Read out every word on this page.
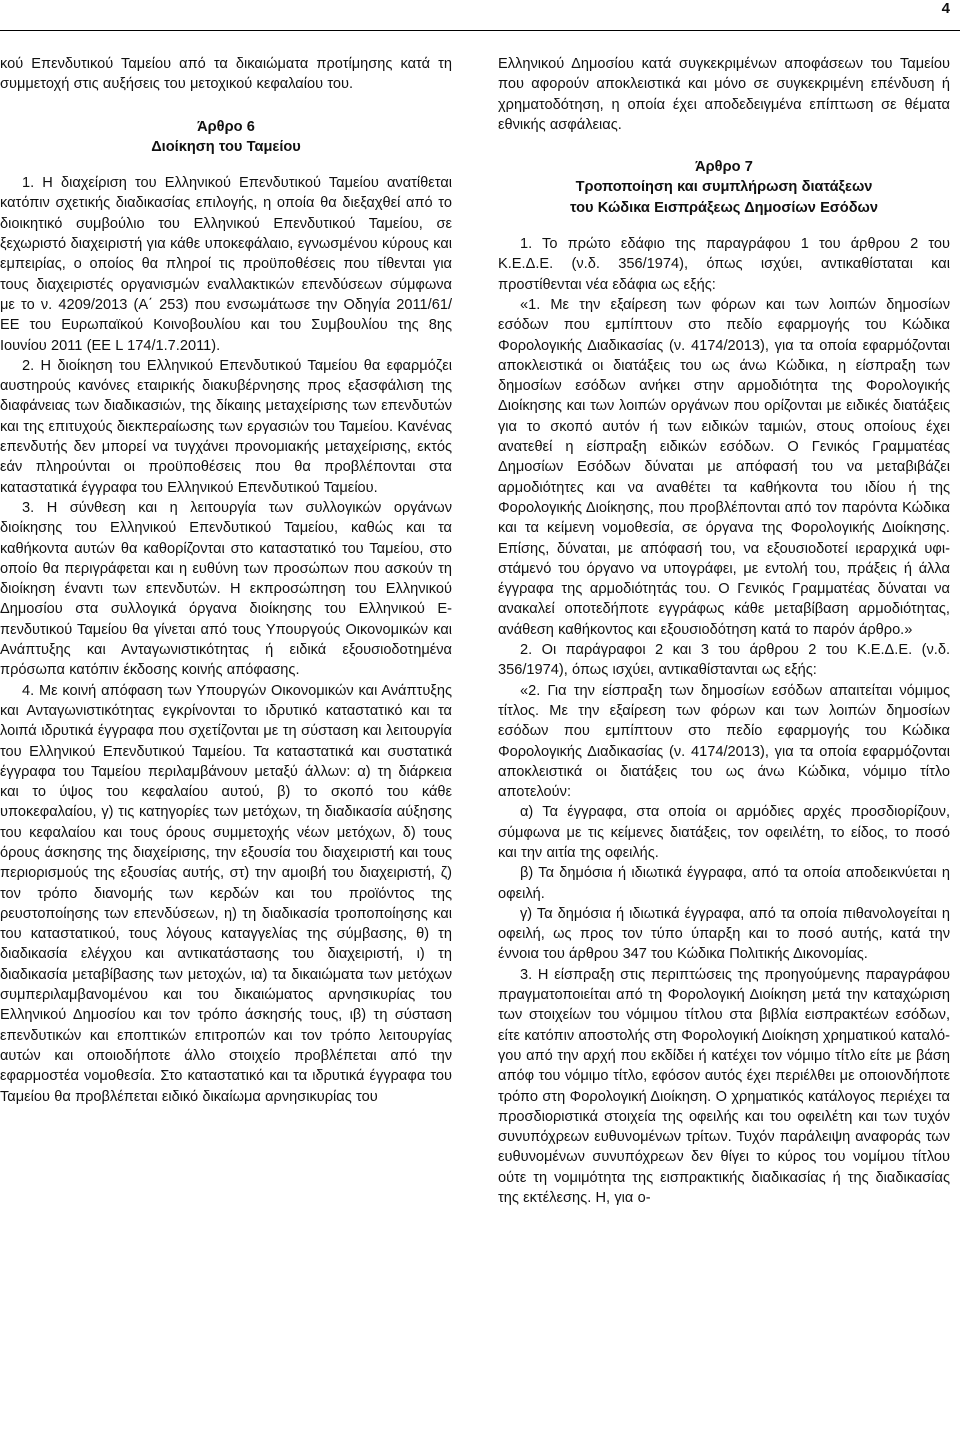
4

κού Επενδυτικού Ταμείου από τα δικαιώματα προτίμησης κατά τη συμμετοχή στις αυξήσεις του μετοχικού κεφαλαίου του.

Άρθρο 6
Διοίκηση του Ταμείου

1. Η διαχείριση του Ελληνικού Επενδυτικού Ταμείου ανατίθεται κατόπιν σχετικής διαδικασίας επιλογής, η οποία θα διεξαχθεί από το διοικητικό συμβούλιο του Ελληνικού Επενδυτικού Ταμείου, σε ξεχωριστό διαχειριστή για κάθε υποκεφάλαιο, εγνωσμένου κύρους και εμπειρίας, ο οποίος θα πληροί τις προϋποθέσεις που τίθενται για τους διαχειριστές οργανισμών εναλλακτικών επενδύσεων σύμφωνα με το ν. 4209/2013 (Α΄ 253) που ενσωμάτωσε την Οδηγία 2011/61/ΕΕ του Ευρωπαϊκού Κοινοβουλίου και του Συμβουλίου της 8ης Ιουνίου 2011 (ΕΕ L 174/1.7.2011).

2. Η διοίκηση του Ελληνικού Επενδυτικού Ταμείου θα εφαρμόζει αυστηρούς κανόνες εταιρικής διακυβέρνησης προς εξασφάλιση της διαφάνειας των διαδικασιών, της δίκαιης μεταχείρισης των επενδυτών και της επιτυχούς διεκπεραίωσης των εργασιών του Ταμείου. Κανένας επενδυτής δεν μπορεί να τυγχάνει προνομιακής μεταχείρισης, εκτός εάν πληρούνται οι προϋποθέσεις που θα προβλέπονται στα καταστατικά έγγραφα του Ελληνικού Επενδυτικού Ταμείου.

3. Η σύνθεση και η λειτουργία των συλλογικών οργάνων διοίκησης του Ελληνικού Επενδυτικού Ταμείου, καθώς και τα καθήκοντα αυτών θα καθορίζονται στο καταστατικό του Ταμείου, στο οποίο θα περιγράφεται και η ευθύνη των προσώπων που ασκούν τη διοίκηση έναντι των επενδυτών. Η εκπροσώπηση του Ελληνικού Δημοσίου στα συλλογικά όργανα διοίκησης του Ελληνικού Επενδυτικού Ταμείου θα γίνεται από τους Υπουργούς Οικονομικών και Ανάπτυξης και Ανταγωνιστικότητας ή ειδικά εξουσιοδοτημένα πρόσωπα κατόπιν έκδοσης κοινής απόφασης.

4. Με κοινή απόφαση των Υπουργών Οικονομικών και Ανάπτυξης και Ανταγωνιστικότητας εγκρίνονται το ιδρυτικό καταστατικό και τα λοιπά ιδρυτικά έγγραφα που σχετίζονται με τη σύσταση και λειτουργία του Ελληνικού Επενδυτικού Ταμείου. Τα καταστατικά και συστατικά έγγραφα του Ταμείου περιλαμβάνουν μεταξύ άλλων: α) τη διάρκεια και το ύψος του κεφαλαίου αυτού, β) το σκοπό του κάθε υποκεφαλαίου, γ) τις κατηγορίες των μετόχων, τη διαδικασία αύξησης του κεφαλαίου και τους όρους συμμετοχής νέων μετόχων, δ) τους όρους άσκησης της διαχείρισης, την εξουσία του διαχειριστή και τους περιορισμούς της εξουσίας αυτής, στ) την αμοιβή του διαχειριστή, ζ) τον τρόπο διανομής των κερδών και του προϊόντος της ρευστοποίησης των επενδύσεων, η) τη διαδικασία τροποποίησης και του καταστατικού, τους λόγους καταγγελίας της σύμβασης, θ) τη διαδικασία ελέγχου και αντικατάστασης του διαχειριστή, ι) τη διαδικασία μεταβίβασης των μετοχών, ια) τα δικαιώματα των μετόχων συμπεριλαμβανομένου και του δικαιώματος αρνησικυρίας του Ελληνικού Δημοσίου και τον τρόπο άσκησής τους, ιβ) τη σύσταση επενδυτικών και εποπτικών επιτροπών και τον τρόπο λειτουργίας αυτών και οποιοδήποτε άλλο στοιχείο προβλέπεται από την εφαρμοστέα νομοθεσία. Στο καταστατικό και τα ιδρυτικά έγγραφα του Ταμείου θα προβλέπεται ειδικό δικαίωμα αρνησικυρίας του

Ελληνικού Δημοσίου κατά συγκεκριμένων αποφάσεων του Ταμείου που αφορούν αποκλειστικά και μόνο σε συγκεκριμένη επένδυση ή χρηματοδότηση, η οποία έχει αποδεδειγμένα επίπτωση σε θέματα εθνικής ασφάλειας.

Άρθρο 7
Τροποποίηση και συμπλήρωση διατάξεων
του Κώδικα Εισπράξεως Δημοσίων Εσόδων

1. Το πρώτο εδάφιο της παραγράφου 1 του άρθρου 2 του Κ.Ε.Δ.Ε. (ν.δ. 356/1974), όπως ισχύει, αντικαθίσταται και προστίθενται νέα εδάφια ως εξής:

«1. Με την εξαίρεση των φόρων και των λοιπών δημοσίων εσόδων που εμπίπτουν στο πεδίο εφαρμογής του Κώδικα Φορολογικής Διαδικασίας (ν. 4174/2013), για τα οποία εφαρμόζονται αποκλειστικά οι διατάξεις του ως άνω Κώδικα, η είσπραξη των δημοσίων εσόδων ανήκει στην αρμοδιότητα της Φορολογικής Διοίκησης και των λοιπών οργάνων που ορίζονται με ειδικές διατάξεις για το σκοπό αυτόν ή των ειδικών ταμιών, στους οποίους έχει ανατεθεί η είσπραξη ειδικών εσόδων. Ο Γενικός Γραμματέας Δημοσίων Εσόδων δύναται με απόφασή του να μεταβιβάζει αρμοδιότητες και να αναθέτει τα καθήκοντα του ιδίου ή της Φορολογικής Διοίκησης, που προβλέπονται από τον παρόντα Κώδικα και τα κείμενη νομοθεσία, σε όργανα της Φορολογικής Διοίκησης. Επίσης, δύναται, με απόφασή του, να εξουσιοδοτεί ιεραρχικά υφιστάμενό του όργανο να υπογράφει, με εντολή του, πράξεις ή άλλα έγγραφα της αρμοδιότητάς του. Ο Γενικός Γραμματέας δύναται να ανακαλεί οποτεδήποτε εγγράφως κάθε μεταβίβαση αρμοδιότητας, ανάθεση καθήκοντος και εξουσιοδότηση κατά το παρόν άρθρο.»

2. Οι παράγραφοι 2 και 3 του άρθρου 2 του Κ.Ε.Δ.Ε. (ν.δ. 356/1974), όπως ισχύει, αντικαθίστανται ως εξής:

«2. Για την είσπραξη των δημοσίων εσόδων απαιτείται νόμιμος τίτλος. Με την εξαίρεση των φόρων και των λοιπών δημοσίων εσόδων που εμπίπτουν στο πεδίο εφαρμογής του Κώδικα Φορολογικής Διαδικασίας (ν. 4174/2013), για τα οποία εφαρμόζονται αποκλειστικά οι διατάξεις του ως άνω Κώδικα, νόμιμο τίτλο αποτελούν:

α) Τα έγγραφα, στα οποία οι αρμόδιες αρχές προσδιορίζουν, σύμφωνα με τις κείμενες διατάξεις, τον οφειλέτη, το είδος, το ποσό και την αιτία της οφειλής.

β) Τα δημόσια ή ιδιωτικά έγγραφα, από τα οποία αποδεικνύεται η οφειλή.

γ) Τα δημόσια ή ιδιωτικά έγγραφα, από τα οποία πιθανολογείται η οφειλή, ως προς τον τύπο ύπαρξη και το ποσό αυτής, κατά την έννοια του άρθρου 347 του Κώδικα Πολιτικής Δικονομίας.

3. Η είσπραξη στις περιπτώσεις της προηγούμενης παραγράφου πραγματοποιείται από τη Φορολογική Διοίκηση μετά την καταχώριση των στοιχείων του νόμιμου τίτλου στα βιβλία εισπρακτέων εσόδων, είτε κατόπιν αποστολής στη Φορολογική Διοίκηση χρηματικού καταλόγου από την αρχή που εκδίδει ή κατέχει τον νόμιμο τίτλο είτε με βάση απόφ του νόμιμο τίτλο, εφόσον αυτός έχει περιέλθει με οποιονδήποτε τρόπο στη Φορολογική Διοίκηση. Ο χρηματικός κατάλογος περιέχει τα προσδιοριστικά στοιχεία της οφειλής και του οφειλέτη και των τυχόν συνυπόχρεων ευθυνομένων τρίτων. Τυχόν παράλειψη αναφοράς των ευθυνομένων συνυπόχρεων δεν θίγει το κύρος του νομίμου τίτλου ούτε τη νομιμότητα της εισπρακτικής διαδικασίας ή της διαδικασίας της εκτέλεσης. Η, για ο-
